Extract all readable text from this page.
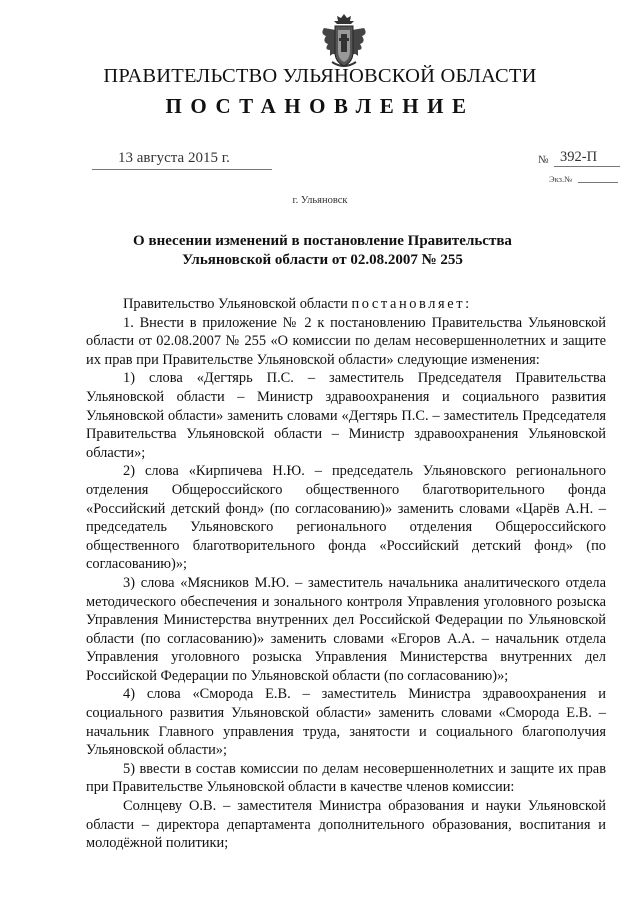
ПРАВИТЕЛЬСТВО УЛЬЯНОВСКОЙ ОБЛАСТИ
ПОСТАНОВЛЕНИЕ
13 августа 2015 г.	№ 392-П
Экз.№
г. Ульяновск
О внесении изменений в постановление Правительства
Ульяновской области от 02.08.2007 № 255

Правительство Ульяновской области постановляет:

1. Внести в приложение № 2 к постановлению Правительства Ульяновской области от 02.08.2007 № 255 «О комиссии по делам несовершеннолетних и защите их прав при Правительстве Ульяновской области» следующие изменения:

1) слова «Дегтярь П.С. – заместитель Председателя Правительства Ульяновской области – Министр здравоохранения и социального развития Ульяновской области» заменить словами «Дегтярь П.С. – заместитель Председателя Правительства Ульяновской области – Министр здравоохранения Ульяновской области»;

2) слова «Кирпичева Н.Ю. – председатель Ульяновского регионального отделения Общероссийского общественного благотворительного фонда «Российский детский фонд» (по согласованию)» заменить словами «Царёв А.Н. – председатель Ульяновского регионального отделения Общероссийского общественного благотворительного фонда «Российский детский фонд» (по согласованию)»;

3) слова «Мясников М.Ю. – заместитель начальника аналитического отдела методического обеспечения и зонального контроля Управления уголовного розыска Управления Министерства внутренних дел Российской Федерации по Ульяновской области (по согласованию)» заменить словами «Егоров А.А. – начальник отдела Управления уголовного розыска Управления Министерства внутренних дел Российской Федерации по Ульяновской области (по согласованию)»;

4) слова «Сморода Е.В. – заместитель Министра здравоохранения и социального развития Ульяновской области» заменить словами «Сморода Е.В. – начальник Главного управления труда, занятости и социального благополучия Ульяновской области»;

5) ввести в состав комиссии по делам несовершеннолетних и защите их прав при Правительстве Ульяновской области в качестве членов комиссии:

Солнцеву О.В. – заместителя Министра образования и науки Ульяновской области – директора департамента дополнительного образования, воспитания и молодёжной политики;
